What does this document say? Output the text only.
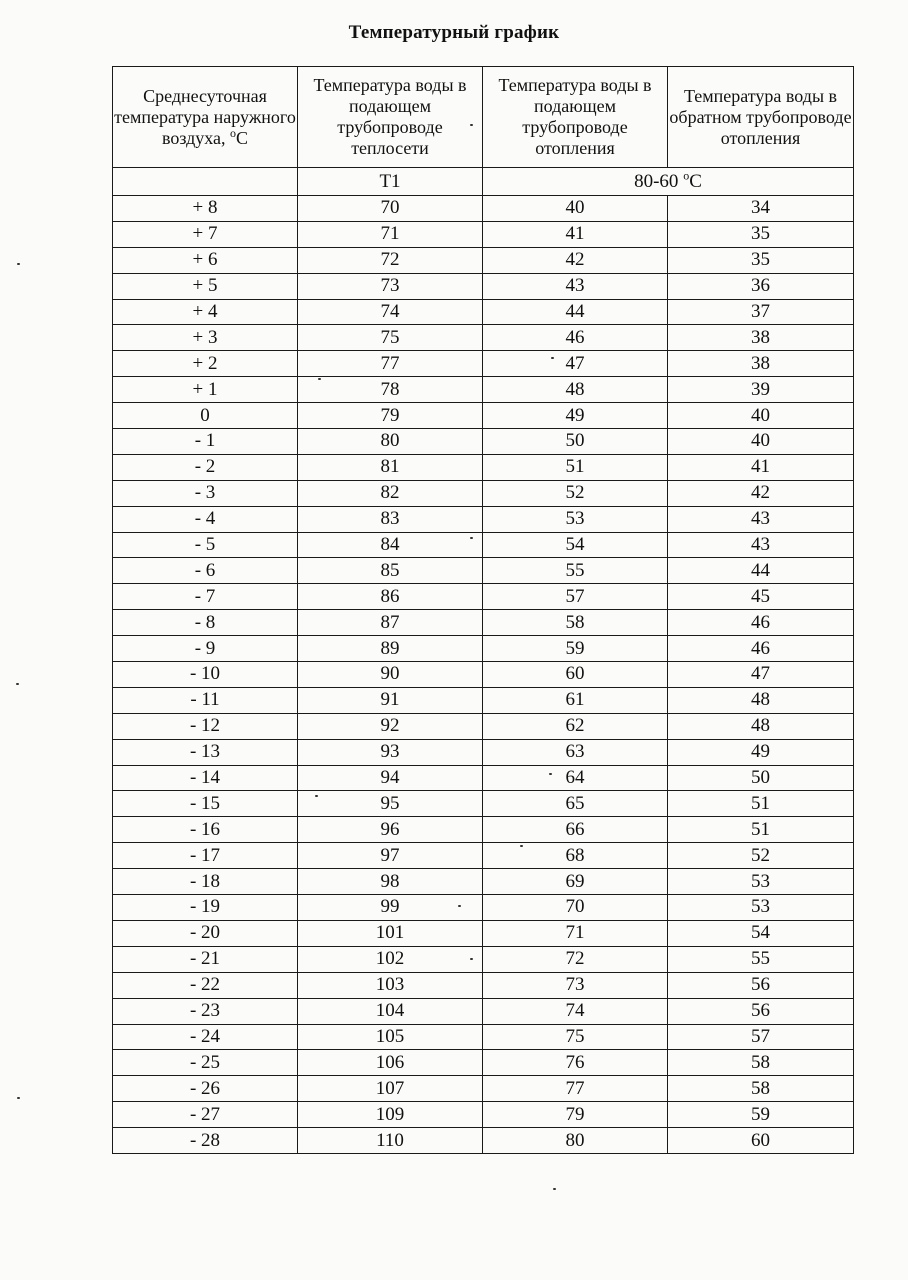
Температурный график
Среднесуточная температура наружного воздуха, $^o$C	Температура воды в подающем трубопроводе теплосети	Температура воды в подающем трубопроводе отопления	Температура воды в обратном трубопроводе отопления
	T1	80-60 $^o$C	
+ 8	70	40	34
+ 7	71	41	35
+ 6	72	42	35
+ 5	73	43	36
+ 4	74	44	37
+ 3	75	46	38
+ 2	77	47	38
+ 1	78	48	39
0	79	49	40
- 1	80	50	40
- 2	81	51	41
- 3	82	52	42
- 4	83	53	43
- 5	84	54	43
- 6	85	55	44
- 7	86	57	45
- 8	87	58	46
- 9	89	59	46
- 10	90	60	47
- 11	91	61	48
- 12	92	62	48
- 13	93	63	49
- 14	94	64	50
- 15	95	65	51
- 16	96	66	51
- 17	97	68	52
- 18	98	69	53
- 19	99	70	53
- 20	101	71	54
- 21	102	72	55
- 22	103	73	56
- 23	104	74	56
- 24	105	75	57
- 25	106	76	58
- 26	107	77	58
- 27	109	79	59
- 28	110	80	60
